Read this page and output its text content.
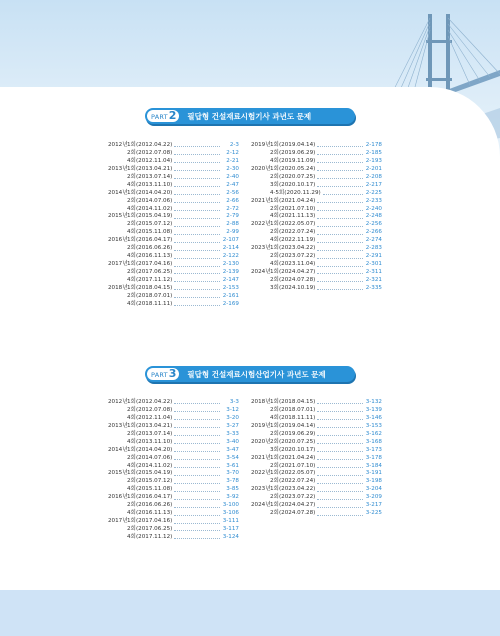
PART 2 필답형 건설재료시험기사 과년도 문제
2012년 1회(2012.04.22)	2-3
2회(2012.07.08)	2-12
4회(2012.11.04)	2-21
2013년 1회(2013.04.21)	2-30
2회(2013.07.14)	2-40
4회(2013.11.10)	2-47
2014년 1회(2014.04.20)	2-56
2회(2014.07.06)	2-66
4회(2014.11.02)	2-72
2015년 1회(2015.04.19)	2-79
2회(2015.07.12)	2-88
4회(2015.11.08)	2-99
2016년 1회(2016.04.17)	2-107
2회(2016.06.26)	2-114
4회(2016.11.13)	2-122
2017년 1회(2017.04.16)	2-130
2회(2017.06.25)	2-139
4회(2017.11.12)	2-147
2018년 1회(2018.04.15)	2-153
2회(2018.07.01)	2-161
4회(2018.11.11)	2-169
2019년 1회(2019.04.14)	2-178
2회(2019.06.29)	2-185
4회(2019.11.09)	2-193
2020년 1회(2020.05.24)	2-201
2회(2020.07.25)	2-208
3회(2020.10.17)	2-217
4·5회(2020.11.29)	2-225
2021년 1회(2021.04.24)	2-233
2회(2021.07.10)	2-240
4회(2021.11.13)	2-248
2022년 1회(2022.05.07)	2-256
2회(2022.07.24)	2-266
4회(2022.11.19)	2-274
2023년 1회(2023.04.22)	2-283
2회(2023.07.22)	2-291
4회(2023.11.04)	2-301
2024년 1회(2024.04.27)	2-311
2회(2024.07.28)	2-321
3회(2024.10.19)	2-335
PART 3 필답형 건설재료시험산업기사 과년도 문제
2012년 1회(2012.04.22)	3-3
2회(2012.07.08)	3-12
4회(2012.11.04)	3-20
2013년 1회(2013.04.21)	3-27
2회(2013.07.14)	3-33
4회(2013.11.10)	3-40
2014년 1회(2014.04.20)	3-47
2회(2014.07.06)	3-54
4회(2014.11.02)	3-61
2015년 1회(2015.04.19)	3-70
2회(2015.07.12)	3-78
4회(2015.11.08)	3-85
2016년 1회(2016.04.17)	3-92
2회(2016.06.26)	3-100
4회(2016.11.13)	3-106
2017년 1회(2017.04.16)	3-111
2회(2017.06.25)	3-117
4회(2017.11.12)	3-124
2018년 1회(2018.04.15)	3-132
2회(2018.07.01)	3-139
4회(2018.11.11)	3-146
2019년 1회(2019.04.14)	3-153
2회(2019.06.29)	3-162
2020년 2회(2020.07.25)	3-168
3회(2020.10.17)	3-173
2021년 1회(2021.04.24)	3-178
2회(2021.07.10)	3-184
2022년 1회(2022.05.07)	3-191
2회(2022.07.24)	3-198
2023년 1회(2023.04.22)	3-204
2회(2023.07.22)	3-209
2024년 1회(2024.04.27)	3-217
2회(2024.07.28)	3-225
